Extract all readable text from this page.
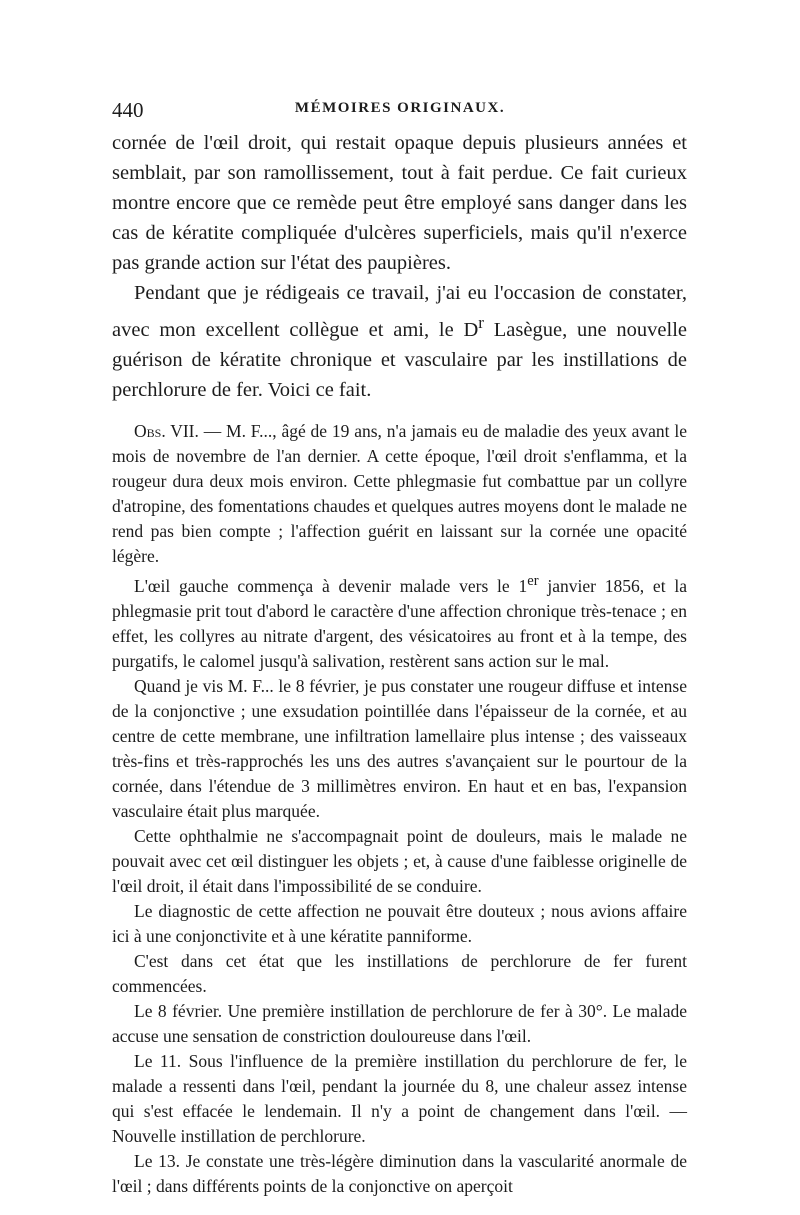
440	MÉMOIRES ORIGINAUX.

cornée de l'œil droit, qui restait opaque depuis plusieurs années et semblait, par son ramollissement, tout à fait perdue. Ce fait curieux montre encore que ce remède peut être employé sans danger dans les cas de kératite compliquée d'ulcères superficiels, mais qu'il n'exerce pas grande action sur l'état des paupières.

Pendant que je rédigeais ce travail, j'ai eu l'occasion de constater, avec mon excellent collègue et ami, le $D^r$ Lasègue, une nouvelle guérison de kératite chronique et vasculaire par les instillations de perchlorure de fer. Voici ce fait.

Obs. VII. — M. F..., âgé de 19 ans, n'a jamais eu de maladie des yeux avant le mois de novembre de l'an dernier. A cette époque, l'œil droit s'enflamma, et la rougeur dura deux mois environ. Cette phlegmasie fut combattue par un collyre d'atropine, des fomentations chaudes et quelques autres moyens dont le malade ne rend pas bien compte ; l'affection guérit en laissant sur la cornée une opacité légère.

L'œil gauche commença à devenir malade vers le 1er janvier 1856, et la phlegmasie prit tout d'abord le caractère d'une affection chronique très-tenace ; en effet, les collyres au nitrate d'argent, des vésicatoires au front et à la tempe, des purgatifs, le calomel jusqu'à salivation, restèrent sans action sur le mal.

Quand je vis M. F... le 8 février, je pus constater une rougeur diffuse et intense de la conjonctive ; une exsudation pointillée dans l'épaisseur de la cornée, et au centre de cette membrane, une infiltration lamellaire plus intense ; des vaisseaux très-fins et très-rapprochés les uns des autres s'avançaient sur le pourtour de la cornée, dans l'étendue de 3 millimètres environ. En haut et en bas, l'expansion vasculaire était plus marquée.

Cette ophthalmie ne s'accompagnait point de douleurs, mais le malade ne pouvait avec cet œil distinguer les objets ; et, à cause d'une faiblesse originelle de l'œil droit, il était dans l'impossibilité de se conduire.

Le diagnostic de cette affection ne pouvait être douteux ; nous avions affaire ici à une conjonctivite et à une kératite panniforme.

C'est dans cet état que les instillations de perchlorure de fer furent commencées.

Le 8 février. Une première instillation de perchlorure de fer à 30°. Le malade accuse une sensation de constriction douloureuse dans l'œil.

Le 11. Sous l'influence de la première instillation du perchlorure de fer, le malade a ressenti dans l'œil, pendant la journée du 8, une chaleur assez intense qui s'est effacée le lendemain. Il n'y a point de changement dans l'œil. — Nouvelle instillation de perchlorure.

Le 13. Je constate une très-légère diminution dans la vascularité anormale de l'œil ; dans différents points de la conjonctive on aperçoit
